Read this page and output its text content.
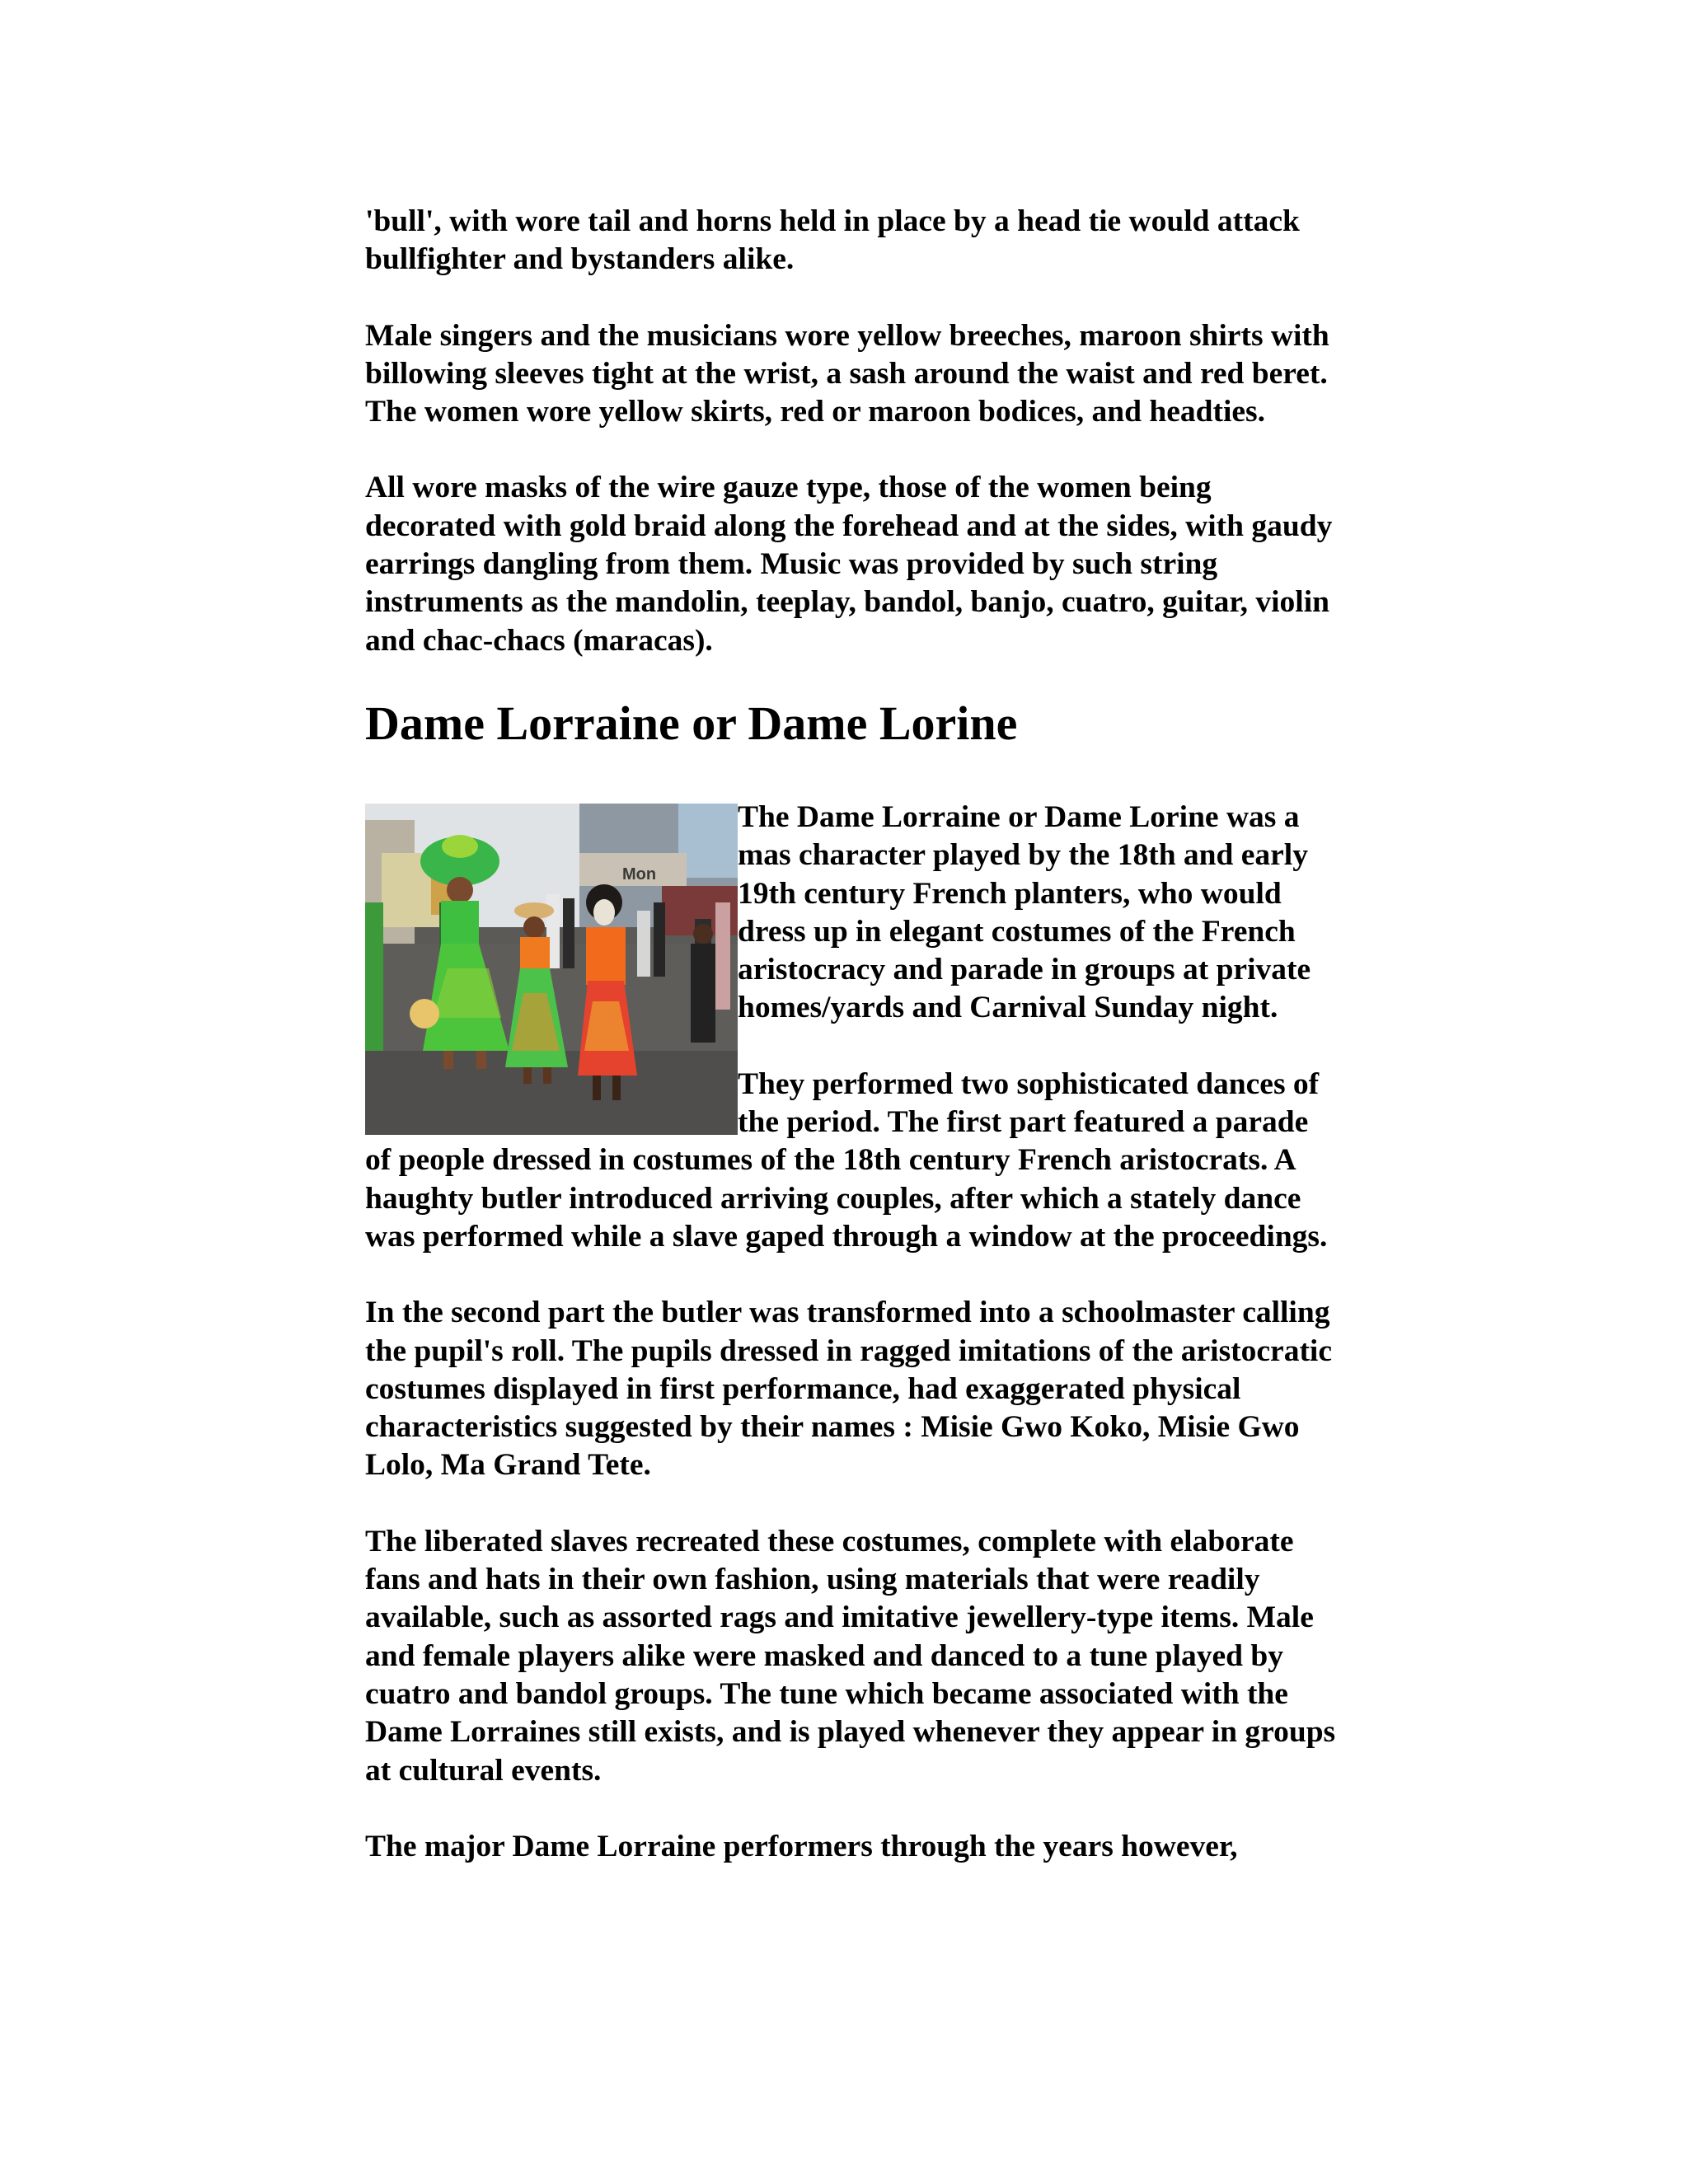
'bull', with wore tail and horns held in place by a head tie would attack bullfighter and bystanders alike.

Male singers and the musicians wore yellow breeches, maroon shirts with billowing sleeves tight at the wrist, a sash around the waist and red beret. The women wore yellow skirts, red or maroon bodices, and headties.

All wore masks of the wire gauze type, those of the women being decorated with gold braid along the forehead and at the sides, with gaudy earrings dangling from them. Music was provided by such string instruments as the mandolin, teeplay, bandol, banjo, cuatro, guitar, violin and chac-chacs (maracas).

Dame Lorraine or Dame Lorine
Mon

The Dame Lorraine or Dame Lorine was a mas character played by the 18th and early 19th century French planters, who would dress up in elegant costumes of the French aristocracy and parade in groups at private homes/yards and Carnival Sunday night.

They performed two sophisticated dances of the period. The first part featured a parade of people dressed in costumes of the 18th century French aristocrats. A haughty butler introduced arriving couples, after which a stately dance was performed while a slave gaped through a window at the proceedings.

In the second part the butler was transformed into a schoolmaster calling the pupil's roll. The pupils dressed in ragged imitations of the aristocratic costumes displayed in first performance, had exaggerated physical characteristics suggested by their names : Misie Gwo Koko, Misie Gwo Lolo, Ma Grand Tete.

The liberated slaves recreated these costumes, complete with elaborate fans and hats in their own fashion, using materials that were readily available, such as assorted rags and imitative jewellery-type items. Male and female players alike were masked and danced to a tune played by cuatro and bandol groups. The tune which became associated with the Dame Lorraines still exists, and is played whenever they appear in groups at cultural events.

The major Dame Lorraine performers through the years however,
